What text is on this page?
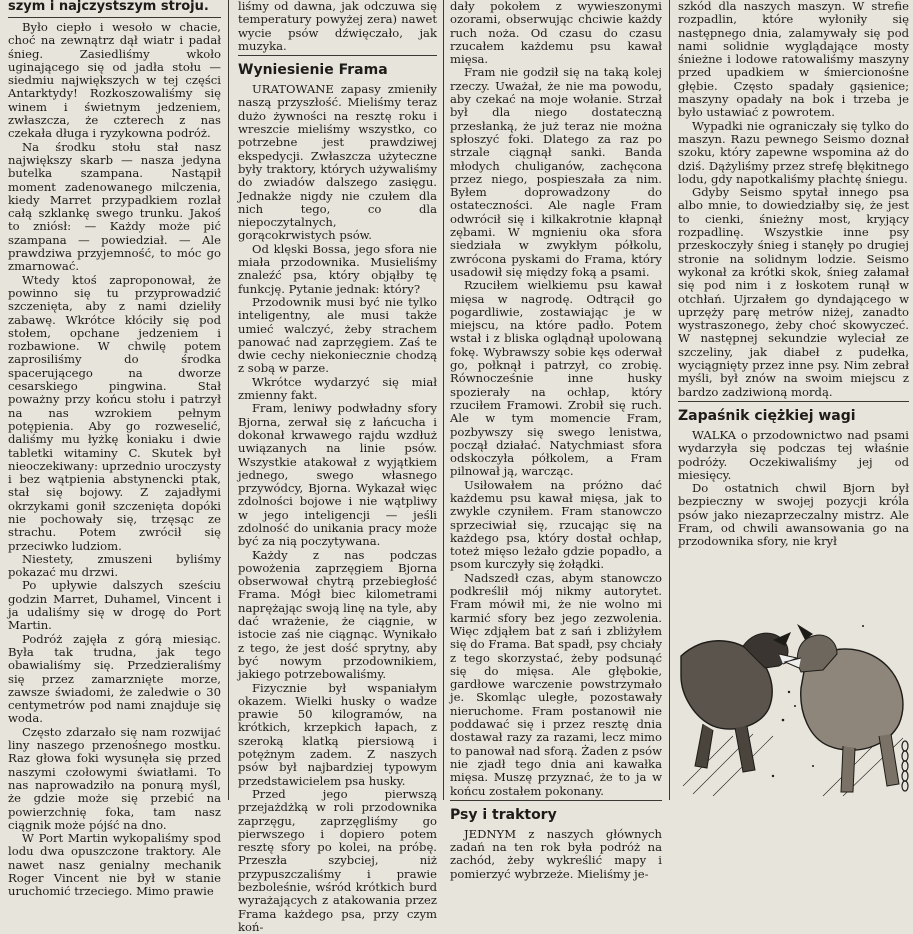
szym i najczystszym stroju.

Było ciepło i wesoło w chacie, choć na zewnątrz dął wiatr i padał śnieg. Zasiedliśmy wkoło uginającego się od jadła stołu — siedmiu największych w tej części Antarktydy! Rozkoszowaliśmy się winem i świetnym jedzeniem, zwłaszcza, że czterech z nas czekała długa i ryzykowna podróż.

Na środku stołu stał nasz największy skarb — nasza jedyna butelka szampana. Nastąpił moment zadenowanego milczenia, kiedy Marret przypadkiem rozlał całą szklankę swego trunku. Jakoś to zniósł: — Każdy może pić szampana — powiedział. — Ale prawdziwa przyjemność, to móc go zmarnować.

Wtedy ktoś zaproponował, że powinno się tu przyprowadzić szczenięta, aby z nami dzieliły zabawę. Wkrótce kłóciły się pod stołem, opchane jedzeniem i rozbawione. W chwilę potem zaprosiliśmy do środka spacerującego na dworze cesarskiego pingwina. Stał poważny przy końcu stołu i patrzył na nas wzrokiem pełnym potępienia. Aby go rozweselić, daliśmy mu łyżkę koniaku i dwie tabletki witaminy C. Skutek był nieoczekiwany: uprzednio uroczysty i bez wątpienia abstynencki ptak, stał się bojowy. Z zajadłymi okrzykami gonił szczenięta dopóki nie pochowały się, trzęsąc ze strachu. Potem zwrócił się przeciwko ludziom.

Niestety, zmuszeni byliśmy pokazać mu drzwi.

Po upływie dalszych sześciu godzin Marret, Duhamel, Vincent i ja udaliśmy się w drogę do Port Martin.

Podróż zajęła z górą miesiąc. Była tak trudna, jak tego obawialiśmy się. Przedzieraliśmy się przez zamarznięte morze, zawsze świadomi, że zaledwie o 30 centymetrów pod nami znajduje się woda.

Często zdarzało się nam rozwijać liny naszego przenośnego mostku. Raz głowa foki wysunęła się przed naszymi czołowymi światłami. To nas naprowadziło na ponurą myśl, że gdzie może się przebić na powierzchnię foka, tam nasz ciągnik może pójść na dno.

W Port Martin wykopaliśmy spod lodu dwa opuszczone traktory. Ale nawet nasz genialny mechanik Roger Vincent nie był w stanie uruchomić trzeciego. Mimo prawie

liśmy od dawna, jak odczuwa się temperatury powyżej zera) nawet wycie psów dźwięczało, jak muzyka.

Wyniesienie Frama

URATOWANE zapasy zmieniły naszą przyszłość. Mieliśmy teraz dużo żywności na resztę roku i wreszcie mieliśmy wszystko, co potrzebne jest prawdziwej ekspedycji. Zwłaszcza użyteczne były traktory, których używaliśmy do zwiadów dalszego zasięgu. Jednakże nigdy nie czułem dla nich tego, co dla niepoczytalnych, gorącokrwistych psów.

Od klęski Bossa, jego sfora nie miała przodownika. Musieliśmy znaleźć psa, który objąłby tę funkcję. Pytanie jednak: który?

Przodownik musi być nie tylko inteligentny, ale musi także umieć walczyć, żeby strachem panować nad zaprzęgiem. Zaś te dwie cechy niekoniecznie chodzą z sobą w parze.

Wkrótce wydarzyć się miał zmienny fakt.

Fram, leniwy podwładny sfory Bjorna, zerwał się z łańcucha i dokonał krwawego rajdu wzdłuż uwiązanych na linie psów. Wszystkie atakował z wyjątkiem jednego, swego własnego przywódcy, Bjorna. Wykazał więc zdolności bojowe i nie wątpliwy w jego inteligencji — jeśli zdolność do unikania pracy może być za nią poczytywana.

Każdy z nas podczas powożenia zaprzęgiem Bjorna obserwował chytrą przebiegłość Frama. Mógł biec kilometrami naprężając swoją linę na tyle, aby dać wrażenie, że ciągnie, w istocie zaś nie ciągnąc. Wynikało z tego, że jest dość sprytny, aby być nowym przodownikiem, jakiego potrzebowaliśmy.

Fizycznie był wspaniałym okazem. Wielki husky o wadze prawie 50 kilogramów, na krótkich, krzepkich łapach, z szeroką klatką piersiową i potężnym zadem. Z naszych psów był najbardziej typowym przedstawicielem psa husky.

Przed jego pierwszą przejażdżką w roli przodownika zaprzęgu, zaprzęgliśmy go pierwszego i dopiero potem resztę sfory po kolei, na próbę. Przeszła szybciej, niż przypuszczaliśmy i prawie bezboleśnie, wśród krótkich burd wyrażających z atakowania przez Frama każdego psa, przy czym koń-

dały pokołem z wywieszonymi ozorami, obserwując chciwie każdy ruch noża. Od czasu do czasu rzucałem każdemu psu kawał mięsa.

Fram nie godził się na taką kolej rzeczy. Uważał, że nie ma powodu, aby czekać na moje wołanie. Strzał był dla niego dostateczną przesłanką, że już teraz nie można spłoszyć foki. Dlatego za raz po strzale ciągnął sanki. Banda młodych chuliganów, zachęcona przez niego, pospieszała za nim. Byłem doprowadzony do ostateczności. Ale nagle Fram odwrócił się i kilkakrotnie kłapnął zębami. W mgnieniu oka sfora siedziała w zwykłym półkolu, zwrócona pyskami do Frama, który usadowił się między foką a psami.

Rzuciłem wielkiemu psu kawał mięsa w nagrodę. Odtrącił go pogardliwie, zostawiając je w miejscu, na które padło. Potem wstał i z bliska oglądnął upolowaną fokę. Wybrawszy sobie kęs oderwał go, połknął i patrzył, co zrobię. Równocześnie inne husky spozierały na ochłap, który rzuciłem Framowi. Zrobił się ruch. Ale w tym momencie Fram, pozbywszy się swego lenistwa, począł działać. Natychmiast sfora odskoczyła półkolem, a Fram pilnował ją, warcząc.

Usiłowałem na próżno dać każdemu psu kawał mięsa, jak to zwykle czyniłem. Fram stanowczo sprzeciwiał się, rzucając się na każdego psa, który dostał ochłap, toteż mięso leżało gdzie popadło, a psom kurczyły się żołądki.

Nadszedł czas, abym stanowczo podkreślił mój nikmy autorytet. Fram mówił mi, że nie wolno mi karmić sfory bez jego zezwolenia. Więc zdjąłem bat z sań i zbliżyłem się do Frama. Bat spadł, psy chciały z tego skorzystać, żeby podsunąć się do mięsa. Ale głębokie, gardłowe warczenie powstrzymało je. Skomląc uległe, pozostawały nieruchome. Fram postanowił nie poddawać się i przez resztę dnia dostawał razy za razami, lecz mimo to panował nad sforą. Żaden z psów nie zjadł tego dnia ani kawałka mięsa. Muszę przyznać, że to ja w końcu zostałem pokonany.

Psy i traktory

JEDNYM z naszych głównych zadań na ten rok była podróż na zachód, żeby wykreślić mapy i pomierzyć wybrzeże. Mieliśmy je-

szkód dla naszych maszyn. W strefie rozpadlin, które wyłoniły się następnego dnia, zalamywały się pod nami solidnie wyglądające mosty śnieżne i lodowe ratowaliśmy maszyny przed upadkiem w śmiercionośne głębie. Często spadały gąsienice; maszyny opadały na bok i trzeba je było ustawiać z powrotem.

Wypadki nie ograniczały się tylko do maszyn. Razu pewnego Seismo doznał szoku, który zapewne wspomina aż do dziś. Dążyliśmy przez strefę błękitnego lodu, gdy napotkaliśmy płachtę śniegu.

Gdyby Seismo spytał innego psa albo mnie, to dowiedziałby się, że jest to cienki, śnieżny most, kryjący rozpadlinę. Wszystkie inne psy przeskoczyły śnieg i stanęły po drugiej stronie na solidnym lodzie. Seismo wykonał za krótki skok, śnieg załamał się pod nim i z łoskotem runął w otchłań. Ujrzałem go dyndającego w uprzęży parę metrów niżej, zanadto wystraszonego, żeby choć skowyczeć. W następnej sekundzie wyleciał ze szczeliny, jak diabeł z pudełka, wyciągnięty przez inne psy. Nim zebrał myśli, był znów na swoim miejscu z bardzo zadziwioną mordą.

Zapaśnik ciężkiej wagi

WALKA o przodownictwo nad psami wydarzyła się podczas tej właśnie podróży. Oczekiwaliśmy jej od miesięcy.

Do ostatnich chwil Bjorn był bezpieczny w swojej pozycji króla psów jako niezaprzeczalny mistrz. Ale Fram, od chwili awansowania go na przodownika sfory, nie krył
